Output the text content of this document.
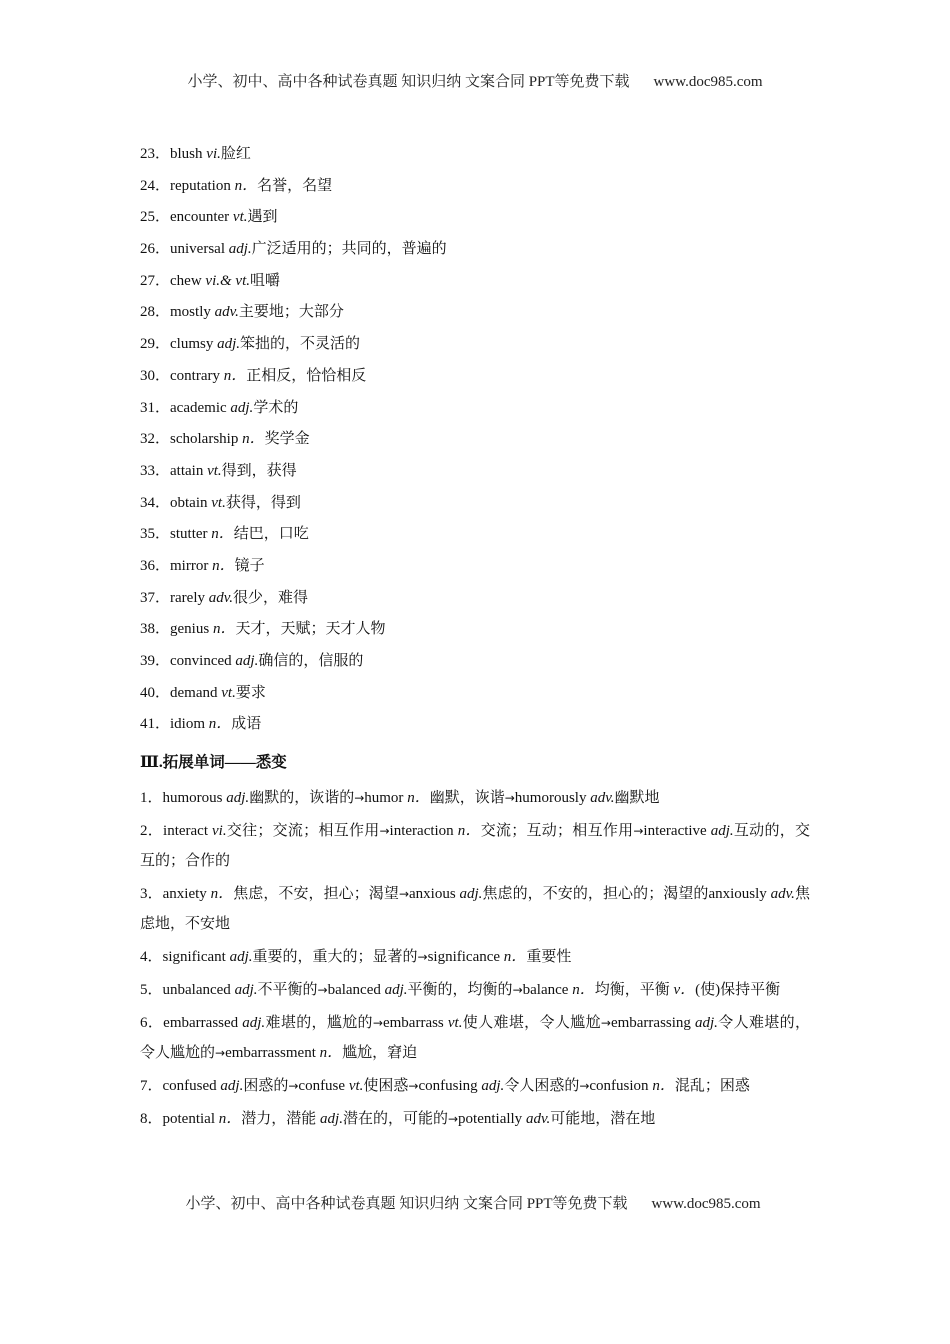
小学、初中、高中各种试卷真题 知识归纳 文案合同 PPT等免费下载 www.doc985.com
23．blush vi.脸红
24．reputation n．名誉，名望
25．encounter vt.遇到
26．universal adj.广泛适用的；共同的，普遍的
27．chew vi.& vt.咀嚼
28．mostly adv.主要地；大部分
29．clumsy adj.笨拙的，不灵活的
30．contrary n．正相反，恰恰相反
31．academic adj.学术的
32．scholarship n．奖学金
33．attain vt.得到，获得
34．obtain vt.获得，得到
35．stutter n．结巴，口吃
36．mirror n．镜子
37．rarely adv.很少，难得
38．genius n．天才，天赋；天才人物
39．convinced adj.确信的，信服的
40．demand vt.要求
41．idiom n．成语
Ⅲ.拓展单词——悉变
1．humorous adj.幽默的，诙谐的→humor n．幽默，诙谐→humorously adv.幽默地
2．interact vi.交往；交流；相互作用→interaction n．交流；互动；相互作用→interactive adj.互动的，交互的；合作的
3．anxiety n．焦虑，不安，担心；渴望→anxious adj.焦虑的，不安的，担心的；渴望的anxiously adv.焦虑地，不安地
4．significant adj.重要的，重大的；显著的→significance n．重要性
5．unbalanced adj.不平衡的→balanced adj.平衡的，均衡的→balance n．均衡，平衡 v．(使)保持平衡
6．embarrassed adj.难堪的，尴尬的→embarrass vt.使人难堪，令人尴尬→embarrassing adj.令人难堪的，令人尴尬的→embarrassment n．尴尬，窘迫
7．confused adj.困惑的→confuse vt.使困惑→confusing adj.令人困惑的→confusion n．混乱；困惑
8．potential n．潜力，潜能 adj.潜在的，可能的→potentially adv.可能地，潜在地
小学、初中、高中各种试卷真题 知识归纳 文案合同 PPT等免费下载 www.doc985.com
